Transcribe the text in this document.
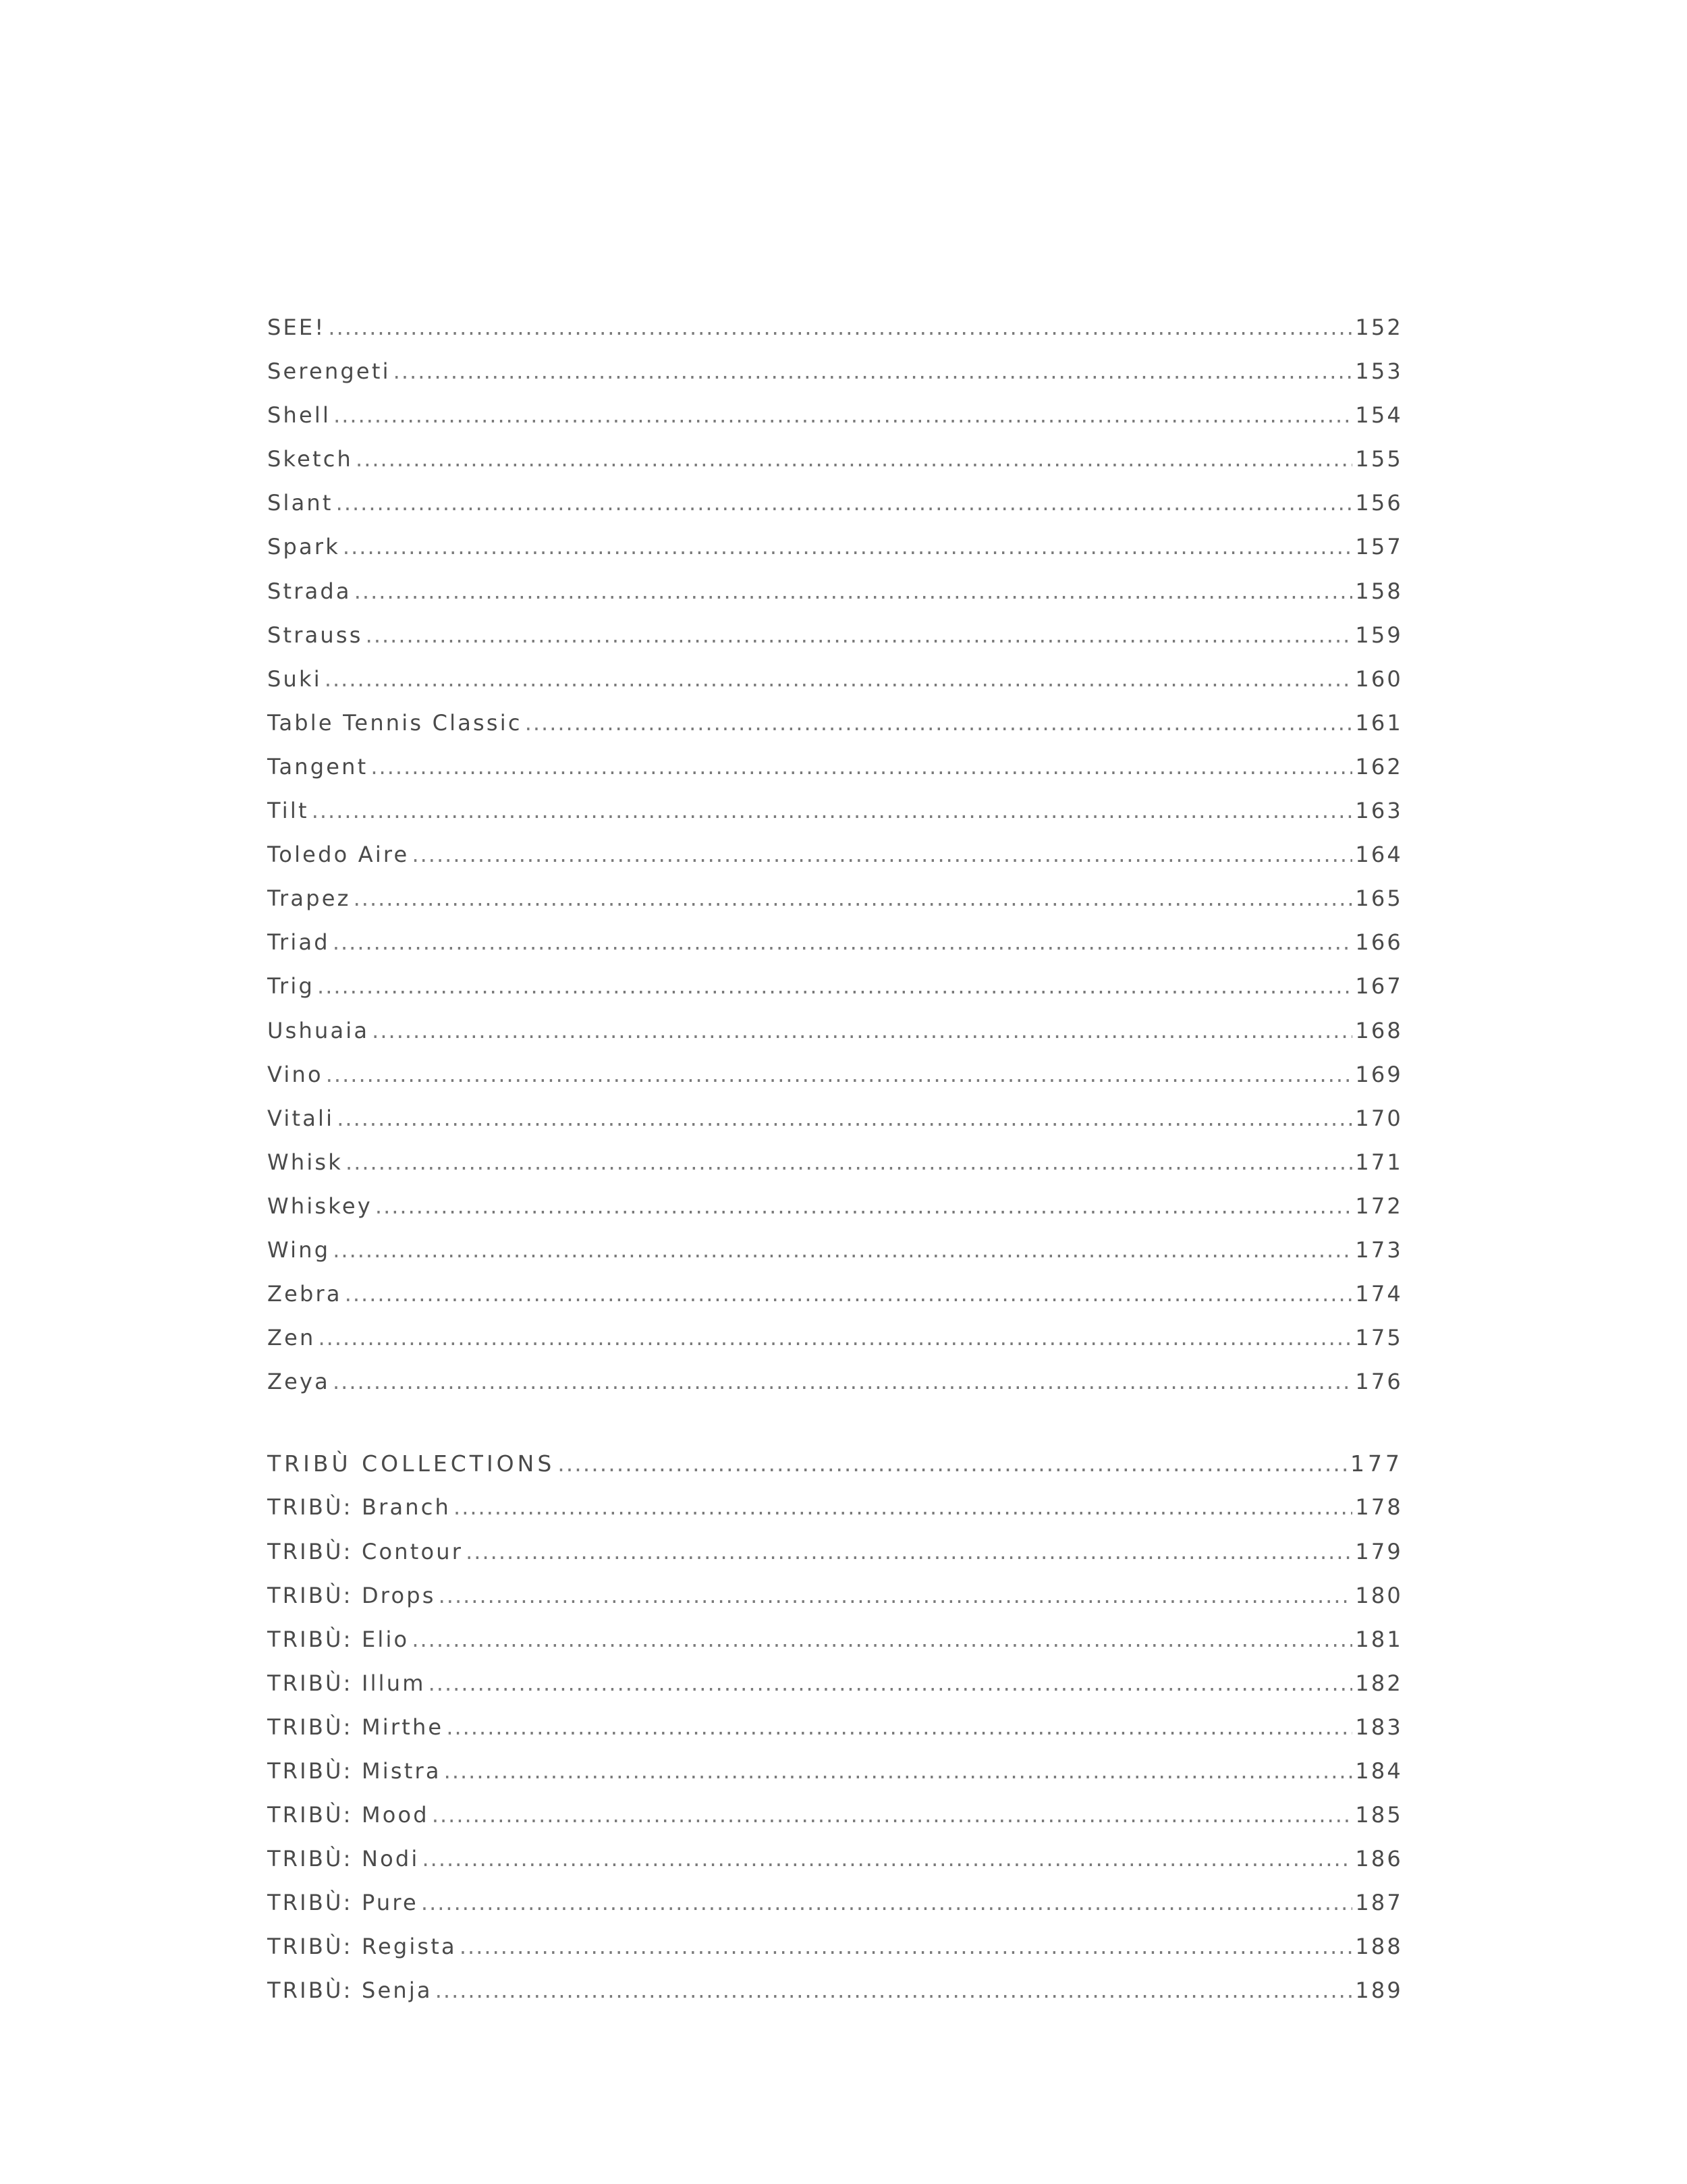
SEE! .....	152
Serengeti .....	153
Shell .....	154
Sketch .....	155
Slant .....	156
Spark .....	157
Strada .....	158
Strauss .....	159
Suki .....	160
Table Tennis Classic .....	161
Tangent .....	162
Tilt .....	163
Toledo Aire .....	164
Trapez .....	165
Triad .....	166
Trig .....	167
Ushuaia .....	168
Vino .....	169
Vitali .....	170
Whisk .....	171
Whiskey .....	172
Wing .....	173
Zebra .....	174
Zen .....	175
Zeya .....	176
TRIBÙ COLLECTIONS .....	177
TRIBÙ: Branch .....	178
TRIBÙ: Contour .....	179
TRIBÙ: Drops .....	180
TRIBÙ: Elio .....	181
TRIBÙ: Illum .....	182
TRIBÙ: Mirthe .....	183
TRIBÙ: Mistra .....	184
TRIBÙ: Mood .....	185
TRIBÙ: Nodi .....	186
TRIBÙ: Pure .....	187
TRIBÙ: Regista .....	188
TRIBÙ: Senja .....	189
